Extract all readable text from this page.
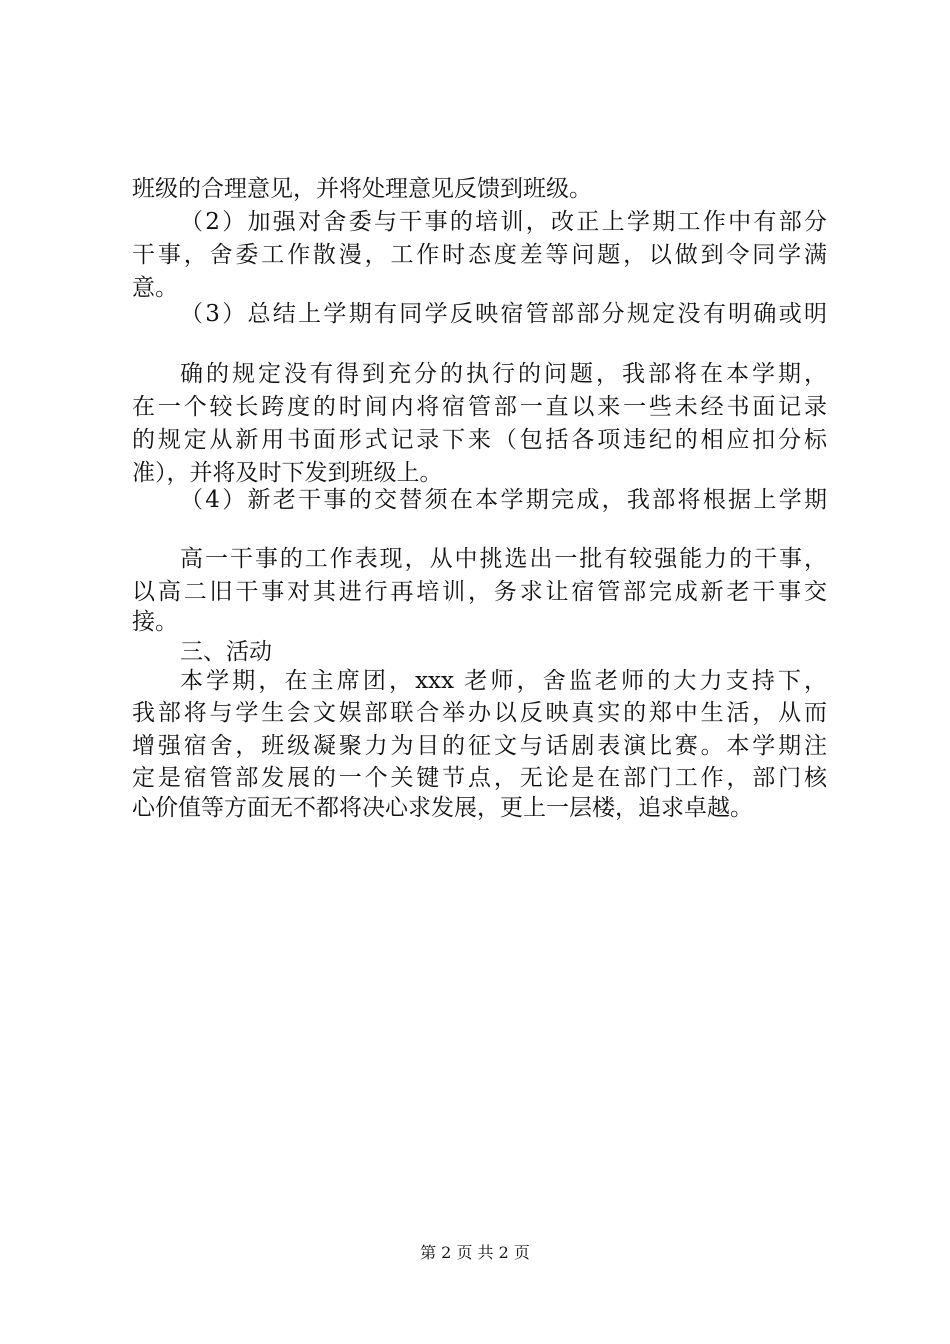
班级的合理意见，并将处理意见反馈到班级。
（2）加强对舍委与干事的培训，改正上学期工作中有部分
干事，舍委工作散漫，工作时态度差等问题，以做到令同学满
意。
（3）总结上学期有同学反映宿管部部分规定没有明确或明
确的规定没有得到充分的执行的问题，我部将在本学期，
在一个较长跨度的时间内将宿管部一直以来一些未经书面记录
的规定从新用书面形式记录下来（包括各项违纪的相应扣分标
准），并将及时下发到班级上。
（4）新老干事的交替须在本学期完成，我部将根据上学期
高一干事的工作表现，从中挑选出一批有较强能力的干事，
以高二旧干事对其进行再培训，务求让宿管部完成新老干事交
接。
三、活动
本学期，在主席团，xxx 老师，舍监老师的大力支持下，
我部将与学生会文娱部联合举办以反映真实的郑中生活，从而
增强宿舍，班级凝聚力为目的征文与话剧表演比赛。本学期注
定是宿管部发展的一个关键节点，无论是在部门工作，部门核
心价值等方面无不都将决心求发展，更上一层楼，追求卓越。
第 2 页 共 2 页
